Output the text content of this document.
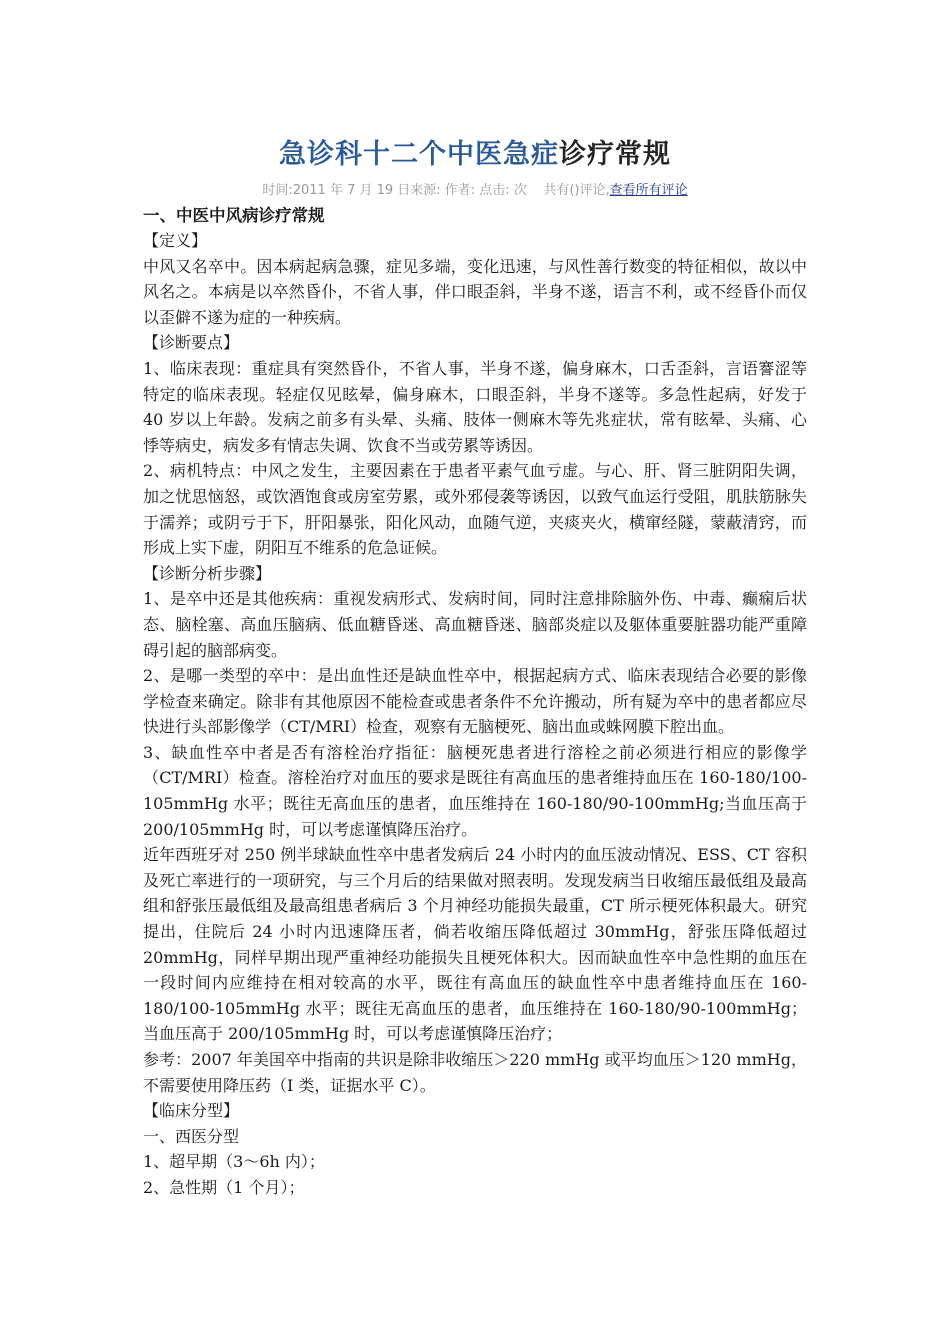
急诊科十二个中医急症诊疗常规
时间:2011 年 7 月 19 日来源: 作者: 点击: 次    共有()评论,查看所有评论
一、中医中风病诊疗常规

【定义】

中风又名卒中。因本病起病急骤，症见多端，变化迅速，与风性善行数变的特征相似，故以中风名之。本病是以卒然昏仆，不省人事，伴口眼歪斜，半身不遂，语言不利，或不经昏仆而仅以歪僻不遂为症的一种疾病。

【诊断要点】

1、临床表现：重症具有突然昏仆，不省人事，半身不遂，偏身麻木，口舌歪斜，言语謇涩等特定的临床表现。轻症仅见眩晕，偏身麻木，口眼歪斜，半身不遂等。多急性起病，好发于 40 岁以上年龄。发病之前多有头晕、头痛、肢体一侧麻木等先兆症状，常有眩晕、头痛、心悸等病史，病发多有情志失调、饮食不当或劳累等诱因。

2、病机特点：中风之发生，主要因素在于患者平素气血亏虚。与心、肝、肾三脏阴阳失调，加之忧思恼怒，或饮酒饱食或房室劳累，或外邪侵袭等诱因，以致气血运行受阻，肌肤筋脉失于濡养；或阴亏于下，肝阳暴张，阳化风动，血随气逆，夹痰夹火，横窜经隧，蒙蔽清窍，而形成上实下虚，阴阳互不维系的危急证候。

【诊断分析步骤】

1、是卒中还是其他疾病：重视发病形式、发病时间，同时注意排除脑外伤、中毒、癫痫后状态、脑栓塞、高血压脑病、低血糖昏迷、高血糖昏迷、脑部炎症以及躯体重要脏器功能严重障碍引起的脑部病变。

2、是哪一类型的卒中：是出血性还是缺血性卒中，根据起病方式、临床表现结合必要的影像学检查来确定。除非有其他原因不能检查或患者条件不允许搬动，所有疑为卒中的患者都应尽快进行头部影像学（CT/MRI）检查，观察有无脑梗死、脑出血或蛛网膜下腔出血。

3、缺血性卒中者是否有溶栓治疗指征：脑梗死患者进行溶栓之前必须进行相应的影像学（CT/MRI）检查。溶栓治疗对血压的要求是既往有高血压的患者维持血压在 160-180/100-105mmHg 水平；既往无高血压的患者，血压维持在 160-180/90-100mmHg;当血压高于 200/105mmHg 时，可以考虑谨慎降压治疗。

近年西班牙对 250 例半球缺血性卒中患者发病后 24 小时内的血压波动情况、ESS、CT 容积及死亡率进行的一项研究，与三个月后的结果做对照表明。发现发病当日收缩压最低组及最高组和舒张压最低组及最高组患者病后 3 个月神经功能损失最重，CT 所示梗死体积最大。研究提出，住院后 24 小时内迅速降压者，倘若收缩压降低超过 30mmHg，舒张压降低超过 20mmHg，同样早期出现严重神经功能损失且梗死体积大。因而缺血性卒中急性期的血压在一段时间内应维持在相对较高的水平，既往有高血压的缺血性卒中患者维持血压在 160-180/100-105mmHg 水平；既往无高血压的患者，血压维持在 160-180/90-100mmHg；当血压高于 200/105mmHg 时，可以考虑谨慎降压治疗；

参考：2007 年美国卒中指南的共识是除非收缩压＞220 mmHg 或平均血压＞120 mmHg，不需要使用降压药（I 类，证据水平 C）。

【临床分型】

一、西医分型

1、超早期（3～6h 内）；

2、急性期（1 个月）；
